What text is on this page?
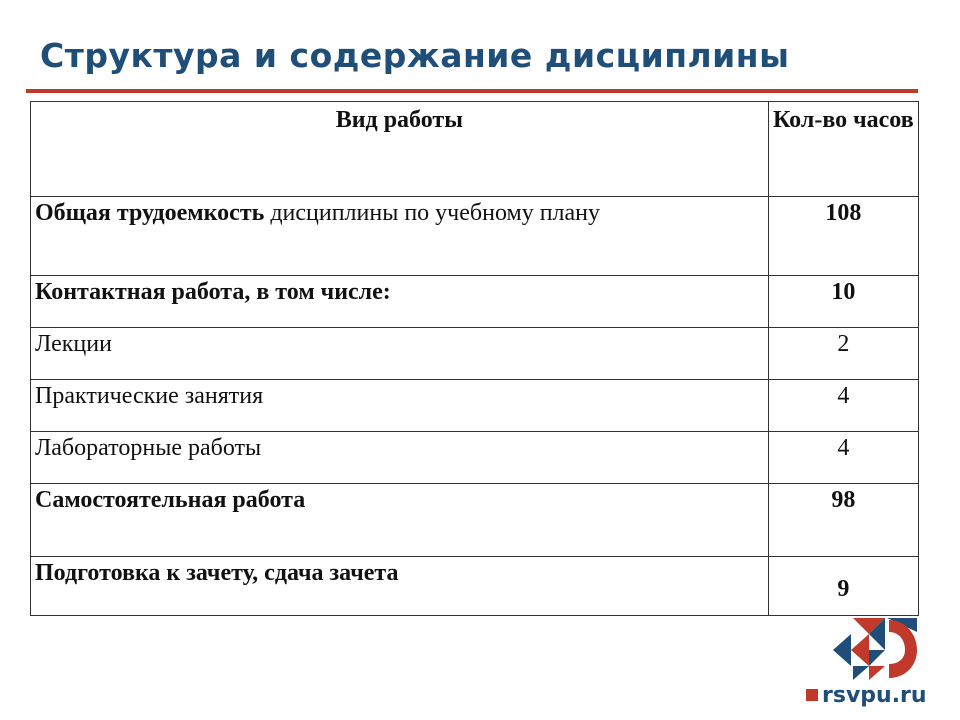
Структура и содержание дисциплины
Вид работы	Кол-во часов
Общая трудоемкость дисциплины по учебному плану	108
Контактная работа, в том числе:	10
Лекции	2
Практические занятия	4
Лабораторные работы	4
Самостоятельная работа	98
Подготовка к зачету, сдача зачета	9
rsvpu.ru
